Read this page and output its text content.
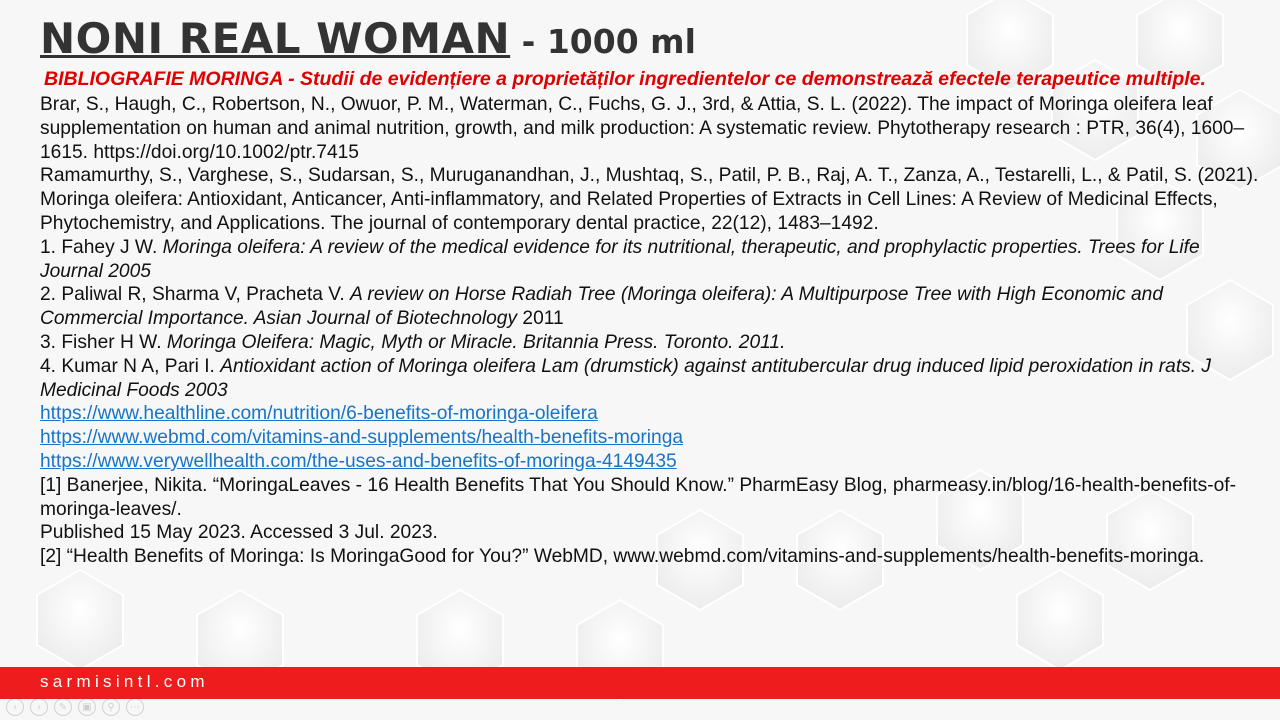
NONI REAL WOMAN - 1000 ml
BIBLIOGRAFIE MORINGA - Studii de evidențiere a proprietăților ingredientelor ce demonstrează efectele terapeutice multiple.

Brar, S., Haugh, C., Robertson, N., Owuor, P. M., Waterman, C., Fuchs, G. J., 3rd, & Attia, S. L. (2022). The impact of Moringa oleifera leaf supplementation on human and animal nutrition, growth, and milk production: A systematic review. Phytotherapy research : PTR, 36(4), 1600–1615. https://doi.org/10.1002/ptr.7415

Ramamurthy, S., Varghese, S., Sudarsan, S., Muruganandhan, J., Mushtaq, S., Patil, P. B., Raj, A. T., Zanza, A., Testarelli, L., & Patil, S. (2021). Moringa oleifera: Antioxidant, Anticancer, Anti-inflammatory, and Related Properties of Extracts in Cell Lines: A Review of Medicinal Effects, Phytochemistry, and Applications. The journal of contemporary dental practice, 22(12), 1483–1492.

1. Fahey J W. Moringa oleifera: A review of the medical evidence for its nutritional, therapeutic, and prophylactic properties. Trees for Life Journal 2005

2. Paliwal R, Sharma V, Pracheta V. A review on Horse Radiah Tree (Moringa oleifera): A Multipurpose Tree with High Economic and Commercial Importance. Asian Journal of Biotechnology 2011

3. Fisher H W. Moringa Oleifera: Magic, Myth or Miracle. Britannia Press. Toronto. 2011.

4. Kumar N A, Pari I. Antioxidant action of Moringa oleifera Lam (drumstick) against antitubercular drug induced lipid peroxidation in rats. J Medicinal Foods 2003

https://www.healthline.com/nutrition/6-benefits-of-moringa-oleifera

https://www.webmd.com/vitamins-and-supplements/health-benefits-moringa

https://www.verywellhealth.com/the-uses-and-benefits-of-moringa-4149435

[1] Banerjee, Nikita. “MoringaLeaves - 16 Health Benefits That You Should Know.” PharmEasy Blog, pharmeasy.in/blog/16-health-benefits-of-moringa-leaves/.

Published 15 May 2023. Accessed 3 Jul. 2023.

[2] “Health Benefits of Moringa: Is MoringaGood for You?” WebMD, www.webmd.com/vitamins-and-supplements/health-benefits-moringa.

sarmisintl.com
‹	›	✎	▣	⚲	⋯
